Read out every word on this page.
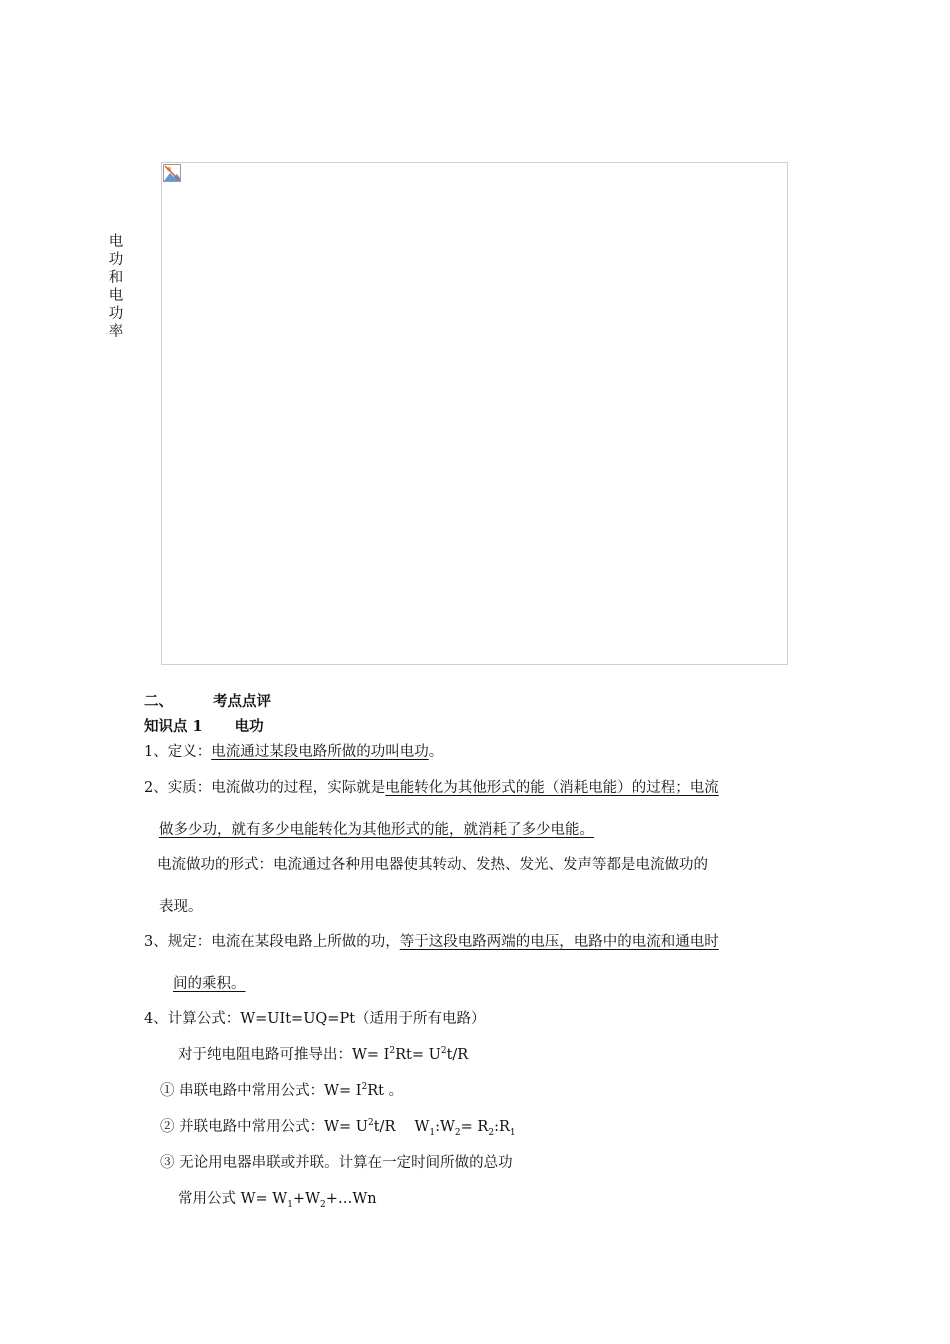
电
功
和
电
功
率
二、	考点点评
知识点 1 电功
1、定义：电流通过某段电路所做的功叫电功。
2、实质：电流做功的过程，实际就是电能转化为其他形式的能（消耗电能）的过程；电流
做多少功，就有多少电能转化为其他形式的能，就消耗了多少电能。
电流做功的形式：电流通过各种用电器使其转动、发热、发光、发声等都是电流做功的
表现。
3、规定：电流在某段电路上所做的功，等于这段电路两端的电压，电路中的电流和通电时
间的乘积。
4、计算公式：W=UIt=UQ=Pt（适用于所有电路）
对于纯电阻电路可推导出：$W= I^2Rt= U^2t/R$
① 串联电路中常用公式：$W= I^2Rt$ 。
② 并联电路中常用公式：$W= U^2t/R$　 $W_1:W_2=$ $R_2:R_1$
③ 无论用电器串联或并联。计算在一定时间所做的总功
常用公式 $W= W_1+W_2+\dots Wn$
